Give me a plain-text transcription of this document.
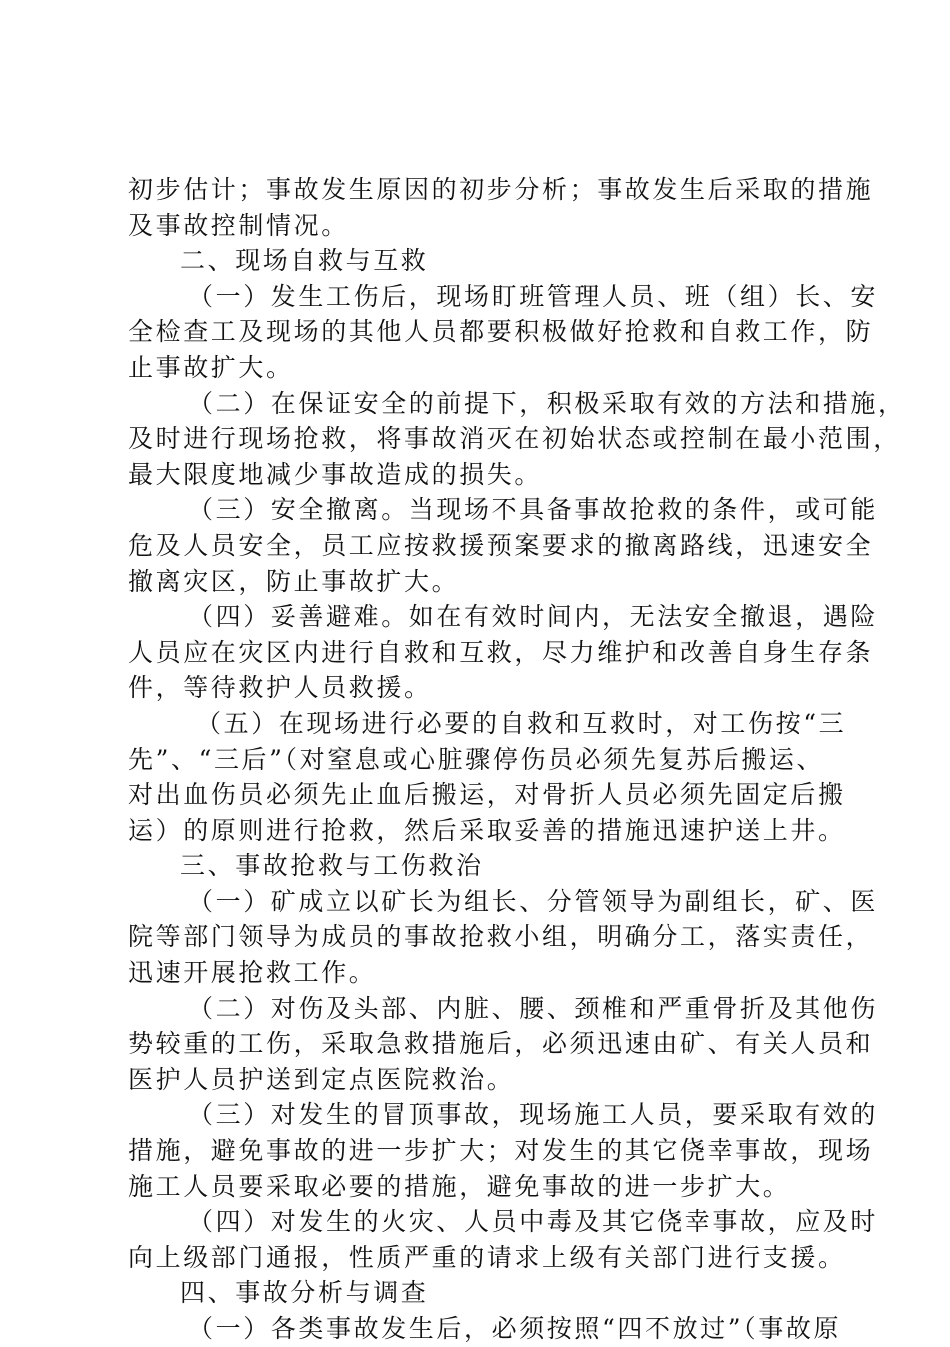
初步估计；事故发生原因的初步分析；事故发生后采取的措施
及事故控制情况。
二、现场自救与互救
（一）发生工伤后，现场盯班管理人员、班（组）长、安
全检查工及现场的其他人员都要积极做好抢救和自救工作，防
止事故扩大。
（二）在保证安全的前提下，积极采取有效的方法和措施，
及时进行现场抢救，将事故消灭在初始状态或控制在最小范围，
最大限度地减少事故造成的损失。
（三）安全撤离。当现场不具备事故抢救的条件，或可能
危及人员安全，员工应按救援预案要求的撤离路线，迅速安全
撤离灾区，防止事故扩大。
（四）妥善避难。如在有效时间内，无法安全撤退，遇险
人员应在灾区内进行自救和互救，尽力维护和改善自身生存条
件，等待救护人员救援。
（五）在现场进行必要的自救和互救时，对工伤按“三
先”、“三后”（对窒息或心脏骤停伤员必须先复苏后搬运、
对出血伤员必须先止血后搬运，对骨折人员必须先固定后搬
运）的原则进行抢救，然后采取妥善的措施迅速护送上井。
三、事故抢救与工伤救治
（一）矿成立以矿长为组长、分管领导为副组长，矿、医
院等部门领导为成员的事故抢救小组，明确分工，落实责任，
迅速开展抢救工作。
（二）对伤及头部、内脏、腰、颈椎和严重骨折及其他伤
势较重的工伤，采取急救措施后，必须迅速由矿、有关人员和
医护人员护送到定点医院救治。
（三）对发生的冒顶事故，现场施工人员，要采取有效的
措施，避免事故的进一步扩大；对发生的其它侥幸事故，现场
施工人员要采取必要的措施，避免事故的进一步扩大。
（四）对发生的火灾、人员中毒及其它侥幸事故，应及时
向上级部门通报，性质严重的请求上级有关部门进行支援。
四、事故分析与调查
（一）各类事故发生后，必须按照“四不放过”（事故原
